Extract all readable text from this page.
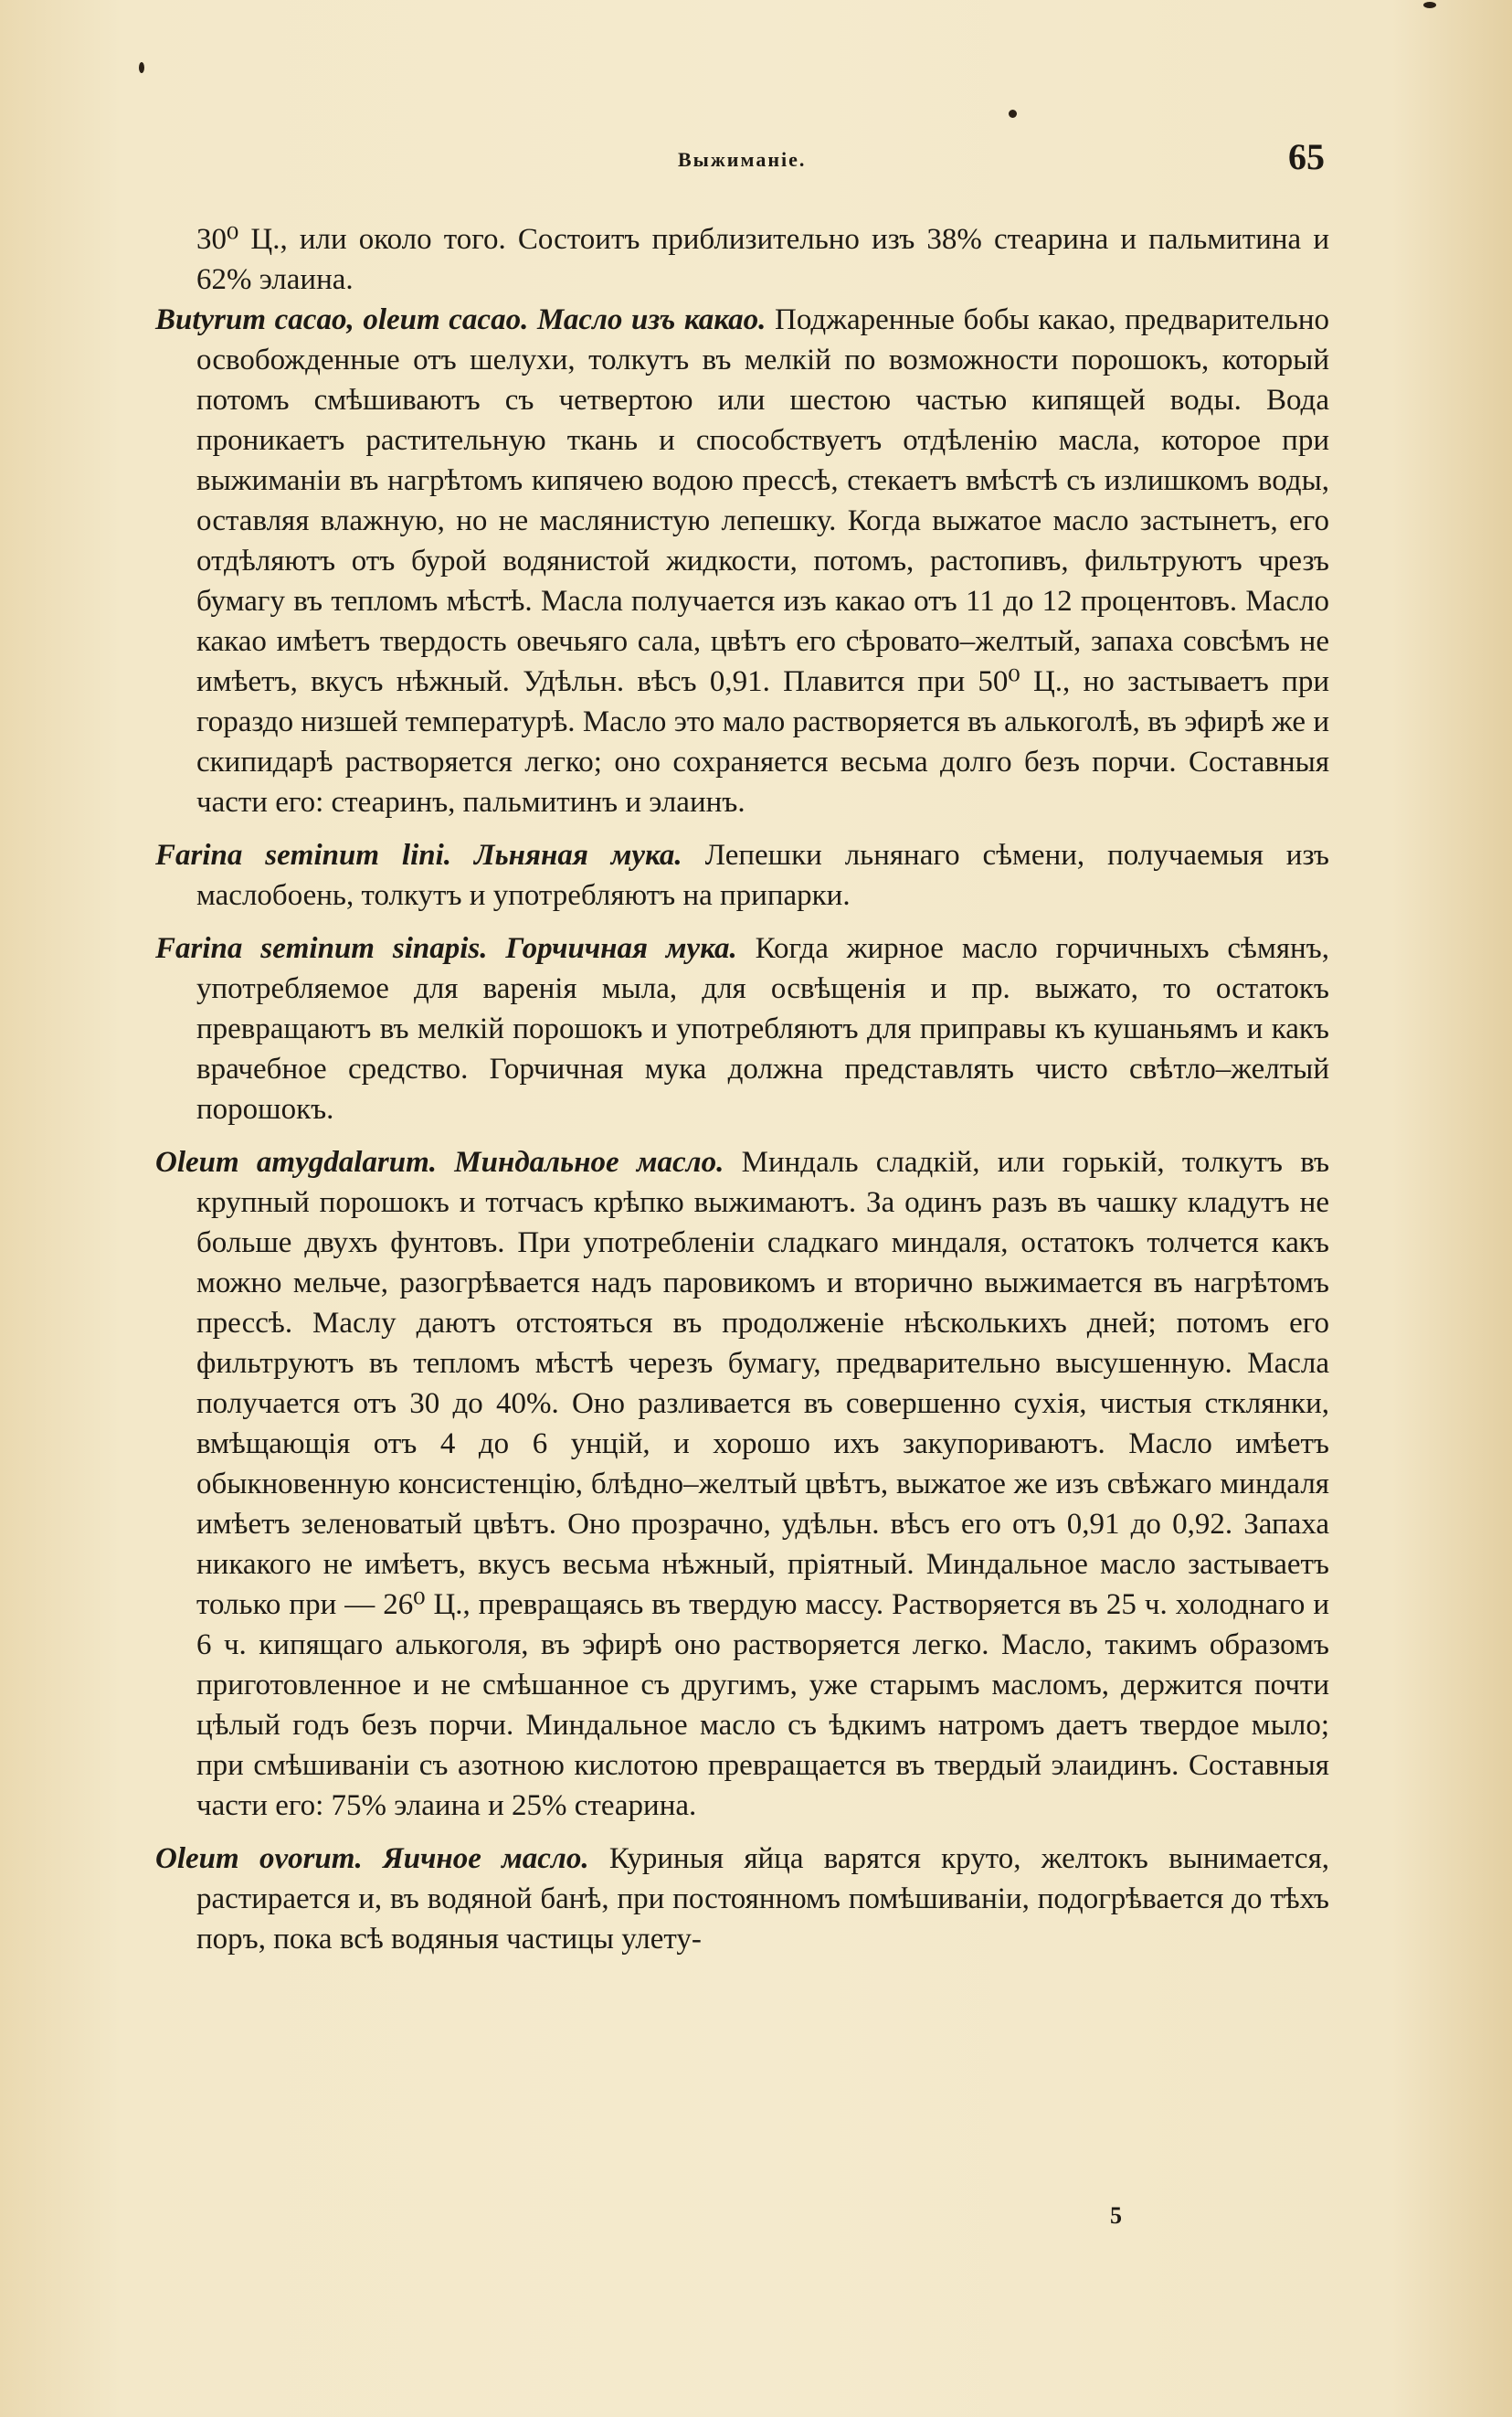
Выжиманіе.	65

30⁰ Ц., или около того. Состоитъ приблизительно изъ 38% стеарина и пальмитина и 62% элаина.

Butyrum cacao, oleum cacao. Масло изъ какао. Поджаренные бобы какао, предварительно освобожденные отъ шелухи, толкутъ въ мелкій по возможности порошокъ, который потомъ смѣшиваютъ съ четвертою или шестою частью кипящей воды. Вода проникаетъ растительную ткань и способствуетъ отдѣленію масла, которое при выжиманіи въ нагрѣтомъ кипячею водою прессѣ, стекаетъ вмѣстѣ съ излишкомъ воды, оставляя влажную, но не маслянистую лепешку. Когда выжатое масло застынетъ, его отдѣляютъ отъ бурой водянистой жидкости, потомъ, растопивъ, фильтруютъ чрезъ бумагу въ тепломъ мѣстѣ. Масла получается изъ какао отъ 11 до 12 процентовъ. Масло какао имѣетъ твердость овечьяго сала, цвѣтъ его сѣровато–желтый, запаха совсѣмъ не имѣетъ, вкусъ нѣжный. Удѣльн. вѣсъ 0,91. Плавится при 50⁰ Ц., но застываетъ при гораздо низшей температурѣ. Масло это мало растворяется въ алькоголѣ, въ эфирѣ же и скипидарѣ растворяется легко; оно сохраняется весьма долго безъ порчи. Составныя части его: стеаринъ, пальмитинъ и элаинъ.

Farina seminum lini. Льняная мука. Лепешки льнянаго сѣмени, получаемыя изъ маслобоень, толкутъ и употребляютъ на припарки.

Farina seminum sinapis. Горчичная мука. Когда жирное масло горчичныхъ сѣмянъ, употребляемое для варенія мыла, для освѣщенія и пр. выжато, то остатокъ превращаютъ въ мелкій порошокъ и употребляютъ для приправы къ кушаньямъ и какъ врачебное средство. Горчичная мука должна представлять чисто свѣтло–желтый порошокъ.

Oleum amygdalarum. Миндальное масло. Миндаль сладкій, или горькій, толкутъ въ крупный порошокъ и тотчасъ крѣпко выжимаютъ. За одинъ разъ въ чашку кладутъ не больше двухъ фунтовъ. При употребленіи сладкаго миндаля, остатокъ толчется какъ можно мельче, разогрѣвается надъ паровикомъ и вторично выжимается въ нагрѣтомъ прессѣ. Маслу даютъ отстояться въ продолженіе нѣсколькихъ дней; потомъ его фильтруютъ въ тепломъ мѣстѣ черезъ бумагу, предварительно высушенную. Масла получается отъ 30 до 40%. Оно разливается въ совершенно сухія, чистыя стклянки, вмѣщающія отъ 4 до 6 унцій, и хорошо ихъ закупориваютъ. Масло имѣетъ обыкновенную консистенцію, блѣдно–желтый цвѣтъ, выжатое же изъ свѣжаго миндаля имѣетъ зеленоватый цвѣтъ. Оно прозрачно, удѣльн. вѣсъ его отъ 0,91 до 0,92. Запаха никакого не имѣетъ, вкусъ весьма нѣжный, пріятный. Миндальное масло застываетъ только при — 26⁰ Ц., превращаясь въ твердую массу. Растворяется въ 25 ч. холоднаго и 6 ч. кипящаго алькоголя, въ эфирѣ оно растворяется легко. Масло, такимъ образомъ приготовленное и не смѣшанное съ другимъ, уже старымъ масломъ, держится почти цѣлый годъ безъ порчи. Миндальное масло съ ѣдкимъ натромъ даетъ твердое мыло; при смѣшиваніи съ азотною кислотою превращается въ твердый элаидинъ. Составныя части его: 75% элаина и 25% стеарина.

Oleum ovorum. Яичное масло. Куриныя яйца варятся круто, желтокъ вынимается, растирается и, въ водяной банѣ, при постоянномъ помѣшиваніи, подогрѣвается до тѣхъ поръ, пока всѣ водяныя частицы улету-

5
